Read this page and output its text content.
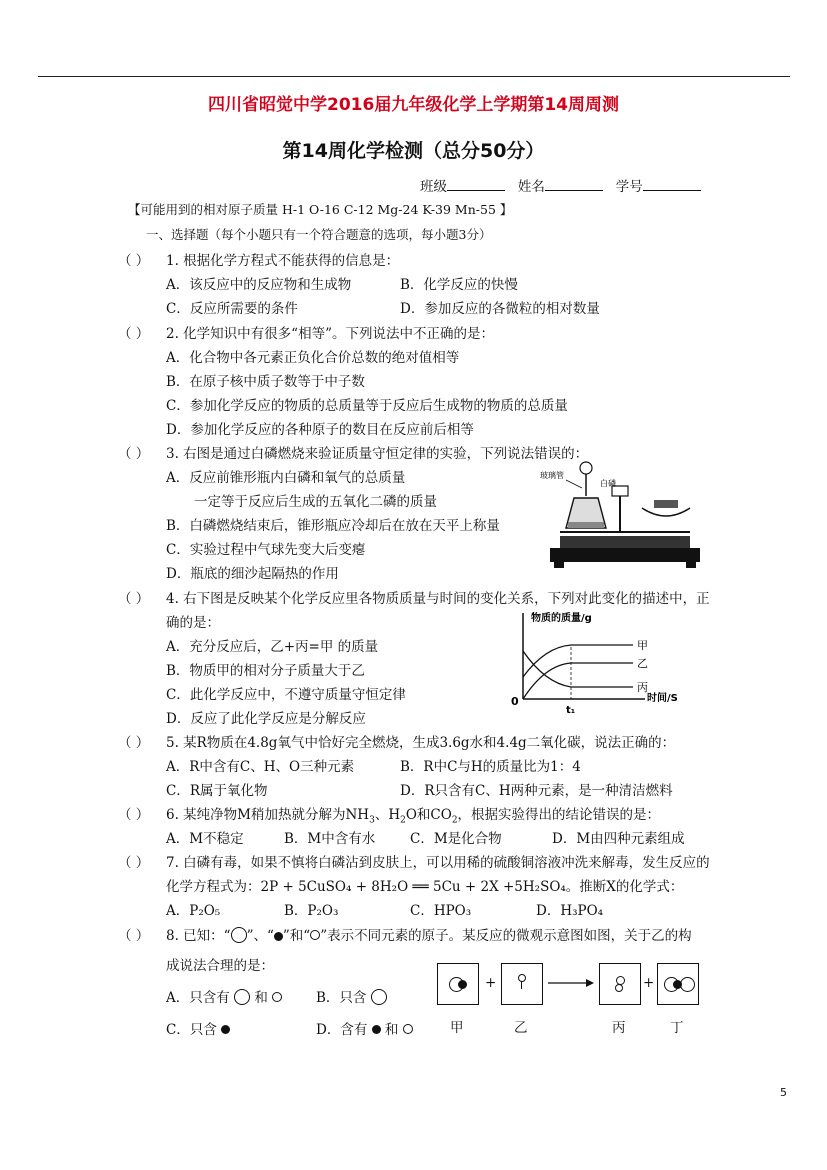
四川省昭觉中学2016届九年级化学上学期第14周周测
第14周化学检测（总分50分）
班级	姓名	学号
【可能用到的相对原子质量 H-1 O-16 C-12 Mg-24 K-39 Mn-55 】
一、选择题（每个小题只有一个符合题意的选项，每小题3分）
（ ） 1. 根据化学方程式不能获得的信息是：
A．该反应中的反应物和生成物	B．化学反应的快慢
C．反应所需要的条件	D．参加反应的各微粒的相对数量
（ ） 2. 化学知识中有很多“相等”。下列说法中不正确的是：
A．化合物中各元素正负化合价总数的绝对值相等
B．在原子核中质子数等于中子数
C．参加化学反应的物质的总质量等于反应后生成物的物质的总质量
D．参加化学反应的各种原子的数目在反应前后相等
（ ） 3. 右图是通过白磷燃烧来验证质量守恒定律的实验，下列说法错误的：
A．反应前锥形瓶内白磷和氧气的总质量
一定等于反应后生成的五氧化二磷的质量
B．白磷燃烧结束后，锥形瓶应冷却后在放在天平上称量
C．实验过程中气球先变大后变瘪
D．瓶底的细沙起隔热的作用
玻璃管
白磷
（ ） 4. 右下图是反映某个化学反应里各物质质量与时间的变化关系，下列对此变化的描述中，正
确的是：
A．充分反应后，乙+丙=甲 的质量
B．物质甲的相对分子质量大于乙
C．此化学反应中，不遵守质量守恒定律
D．反应了此化学反应是分解反应
物质的质量/g
0	时间/S
t₁
甲
乙
丙
（ ） 5. 某R物质在4.8g氧气中恰好完全燃烧，生成3.6g水和4.4g二氧化碳，说法正确的：
A．R中含有C、H、O三种元素	B．R中C与H的质量比为1：4
C．R属于氧化物	D．R只含有C、H两种元素，是一种清洁燃料
（ ） 6. 某纯净物M稍加热就分解为$NH_3$、$H_2O$和$CO_2$，根据实验得出的结论错误的是：
A．M不稳定	B．M中含有水	C．M是化合物	D．M由四种元素组成
（ ） 7. 白磷有毒，如果不慎将白磷沾到皮肤上，可以用稀的硫酸铜溶液冲洗来解毒，发生反应的
化学方程式为：2P + 5CuSO₄ + 8H₂O ══ 5Cu + 2X +5H₂SO₄。推断X的化学式：
A．P₂O₅	B．P₂O₃	C．HPO₃	D．H₃PO₄
（ ） 8. 已知：“ ”、“ ”和“ ”表示不同元素的原子。某反应的微观示意图如图，关于乙的构
成说法合理的是：
A．只含有 和	B．只含
C．只含	D．含有 和
+	+
甲	乙	丙	丁
5
